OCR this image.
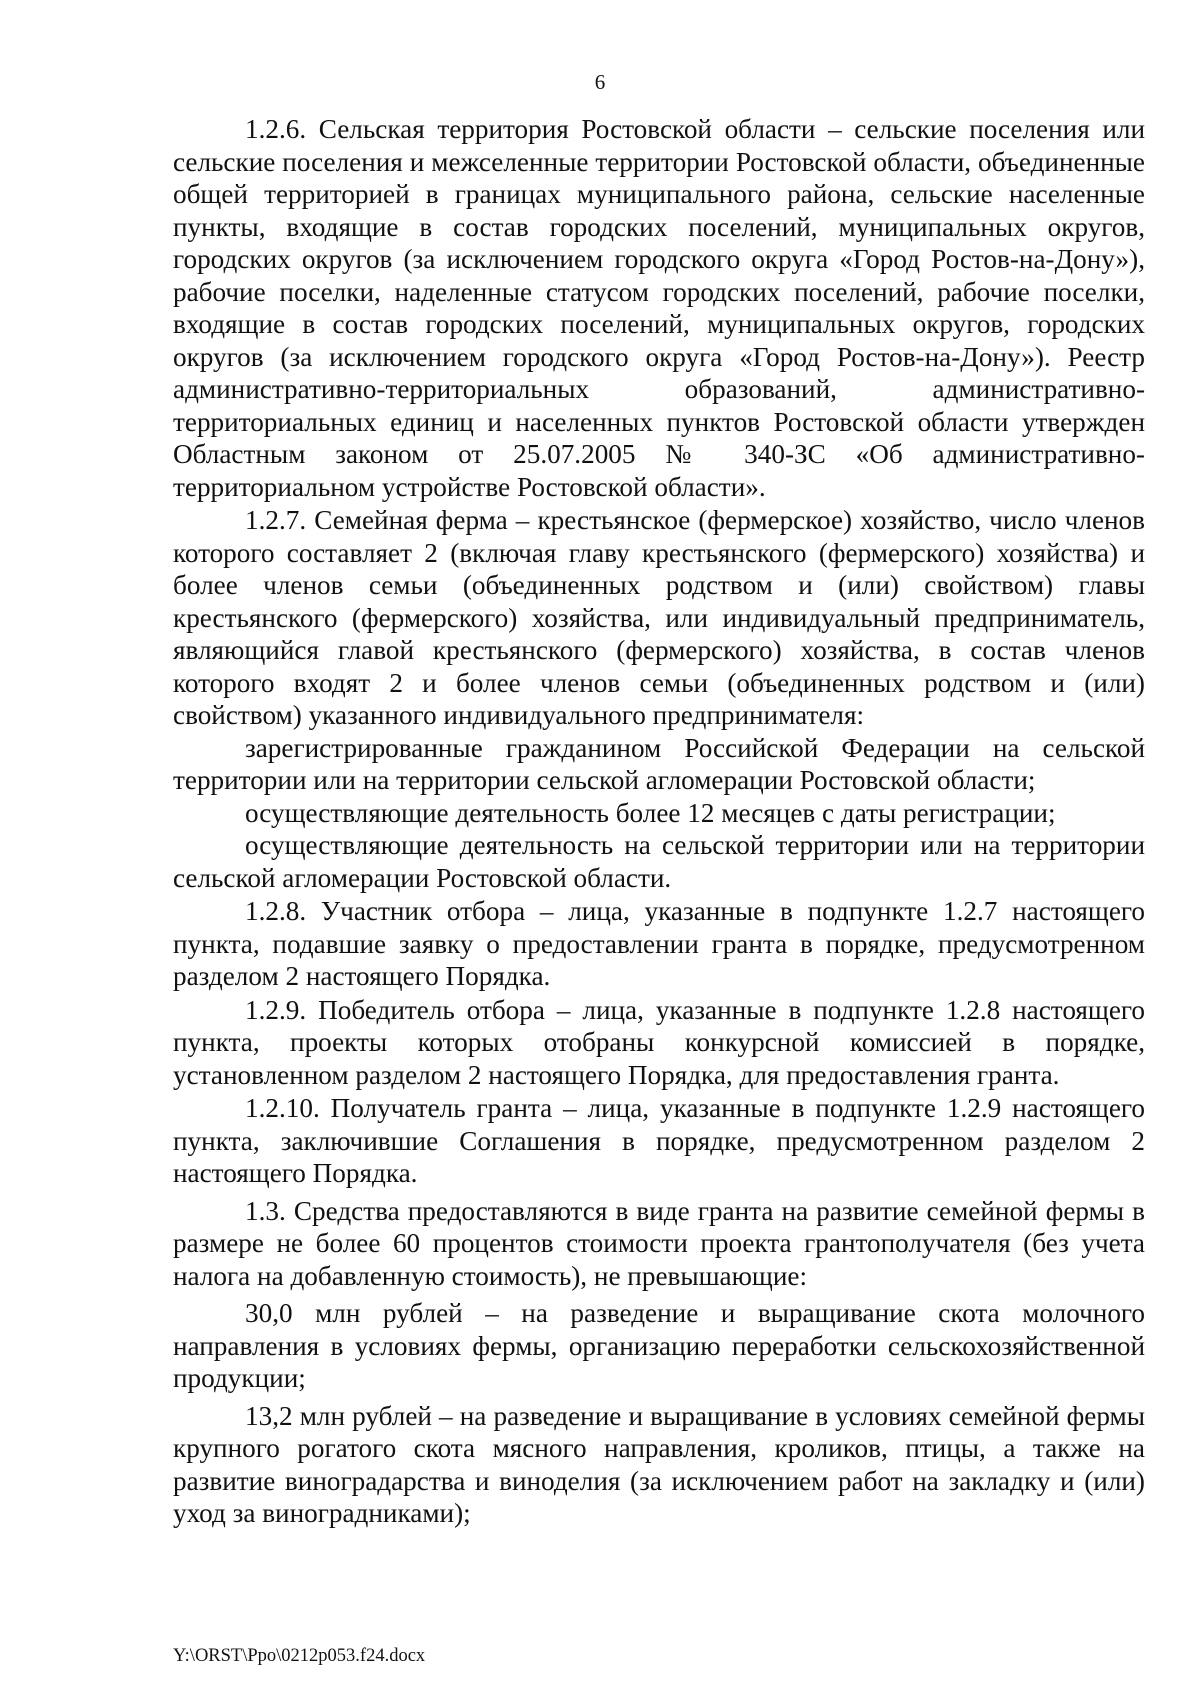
6

1.2.6. Сельская территория Ростовской области – сельские поселения или сельские поселения и межселенные территории Ростовской области, объединенные общей территорией в границах муниципального района, сельские населенные пункты, входящие в состав городских поселений, муниципальных округов, городских округов (за исключением городского округа «Город Ростов-на-Дону»), рабочие поселки, наделенные статусом городских поселений, рабочие поселки, входящие в состав городских поселений, муниципальных округов, городских округов (за исключением городского округа «Город Ростов-на-Дону»). Реестр административно-территориальных образований, административно-территориальных единиц и населенных пунктов Ростовской области утвержден Областным законом от 25.07.2005 № 340-ЗС «Об административно-территориальном устройстве Ростовской области».

1.2.7. Семейная ферма – крестьянское (фермерское) хозяйство, число членов которого составляет 2 (включая главу крестьянского (фермерского) хозяйства) и более членов семьи (объединенных родством и (или) свойством) главы крестьянского (фермерского) хозяйства, или индивидуальный предприниматель, являющийся главой крестьянского (фермерского) хозяйства, в состав членов которого входят 2 и более членов семьи (объединенных родством и (или) свойством) указанного индивидуального предпринимателя:

зарегистрированные гражданином Российской Федерации на сельской территории или на территории сельской агломерации Ростовской области;

осуществляющие деятельность более 12 месяцев с даты регистрации;

осуществляющие деятельность на сельской территории или на территории сельской агломерации Ростовской области.

1.2.8. Участник отбора – лица, указанные в подпункте 1.2.7 настоящего пункта, подавшие заявку о предоставлении гранта в порядке, предусмотренном разделом 2 настоящего Порядка.

1.2.9. Победитель отбора – лица, указанные в подпункте 1.2.8 настоящего пункта, проекты которых отобраны конкурсной комиссией в порядке, установленном разделом 2 настоящего Порядка, для предоставления гранта.

1.2.10. Получатель гранта – лица, указанные в подпункте 1.2.9 настоящего пункта, заключившие Соглашения в порядке, предусмотренном разделом 2 настоящего Порядка.

1.3. Средства предоставляются в виде гранта на развитие семейной фермы в размере не более 60 процентов стоимости проекта грантополучателя (без учета налога на добавленную стоимость), не превышающие:

30,0 млн рублей – на разведение и выращивание скота молочного направления в условиях фермы, организацию переработки сельскохозяйственной продукции;

13,2 млн рублей – на разведение и выращивание в условиях семейной фермы крупного рогатого скота мясного направления, кроликов, птицы, а также на развитие виноградарства и виноделия (за исключением работ на закладку и (или) уход за виноградниками);

Y:\ORST\Ppo\0212p053.f24.docx
